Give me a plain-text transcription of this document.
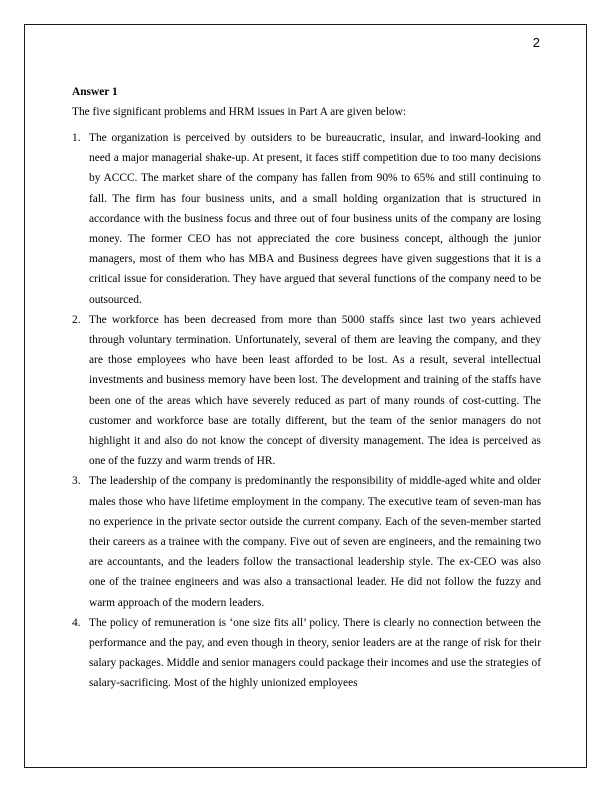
2

Answer 1

The five significant problems and HRM issues in Part A are given below:

1. The organization is perceived by outsiders to be bureaucratic, insular, and inward-looking and need a major managerial shake-up. At present, it faces stiff competition due to too many decisions by ACCC. The market share of the company has fallen from 90% to 65% and still continuing to fall. The firm has four business units, and a small holding organization that is structured in accordance with the business focus and three out of four business units of the company are losing money. The former CEO has not appreciated the core business concept, although the junior managers, most of them who has MBA and Business degrees have given suggestions that it is a critical issue for consideration. They have argued that several functions of the company need to be outsourced.
2. The workforce has been decreased from more than 5000 staffs since last two years achieved through voluntary termination. Unfortunately, several of them are leaving the company, and they are those employees who have been least afforded to be lost. As a result, several intellectual investments and business memory have been lost. The development and training of the staffs have been one of the areas which have severely reduced as part of many rounds of cost-cutting. The customer and workforce base are totally different, but the team of the senior managers do not highlight it and also do not know the concept of diversity management. The idea is perceived as one of the fuzzy and warm trends of HR.
3. The leadership of the company is predominantly the responsibility of middle-aged white and older males those who have lifetime employment in the company. The executive team of seven-man has no experience in the private sector outside the current company. Each of the seven-member started their careers as a trainee with the company. Five out of seven are engineers, and the remaining two are accountants, and the leaders follow the transactional leadership style. The ex-CEO was also one of the trainee engineers and was also a transactional leader. He did not follow the fuzzy and warm approach of the modern leaders.
4. The policy of remuneration is ‘one size fits all’ policy. There is clearly no connection between the performance and the pay, and even though in theory, senior leaders are at the range of risk for their salary packages. Middle and senior managers could package their incomes and use the strategies of salary-sacrificing. Most of the highly unionized employees
